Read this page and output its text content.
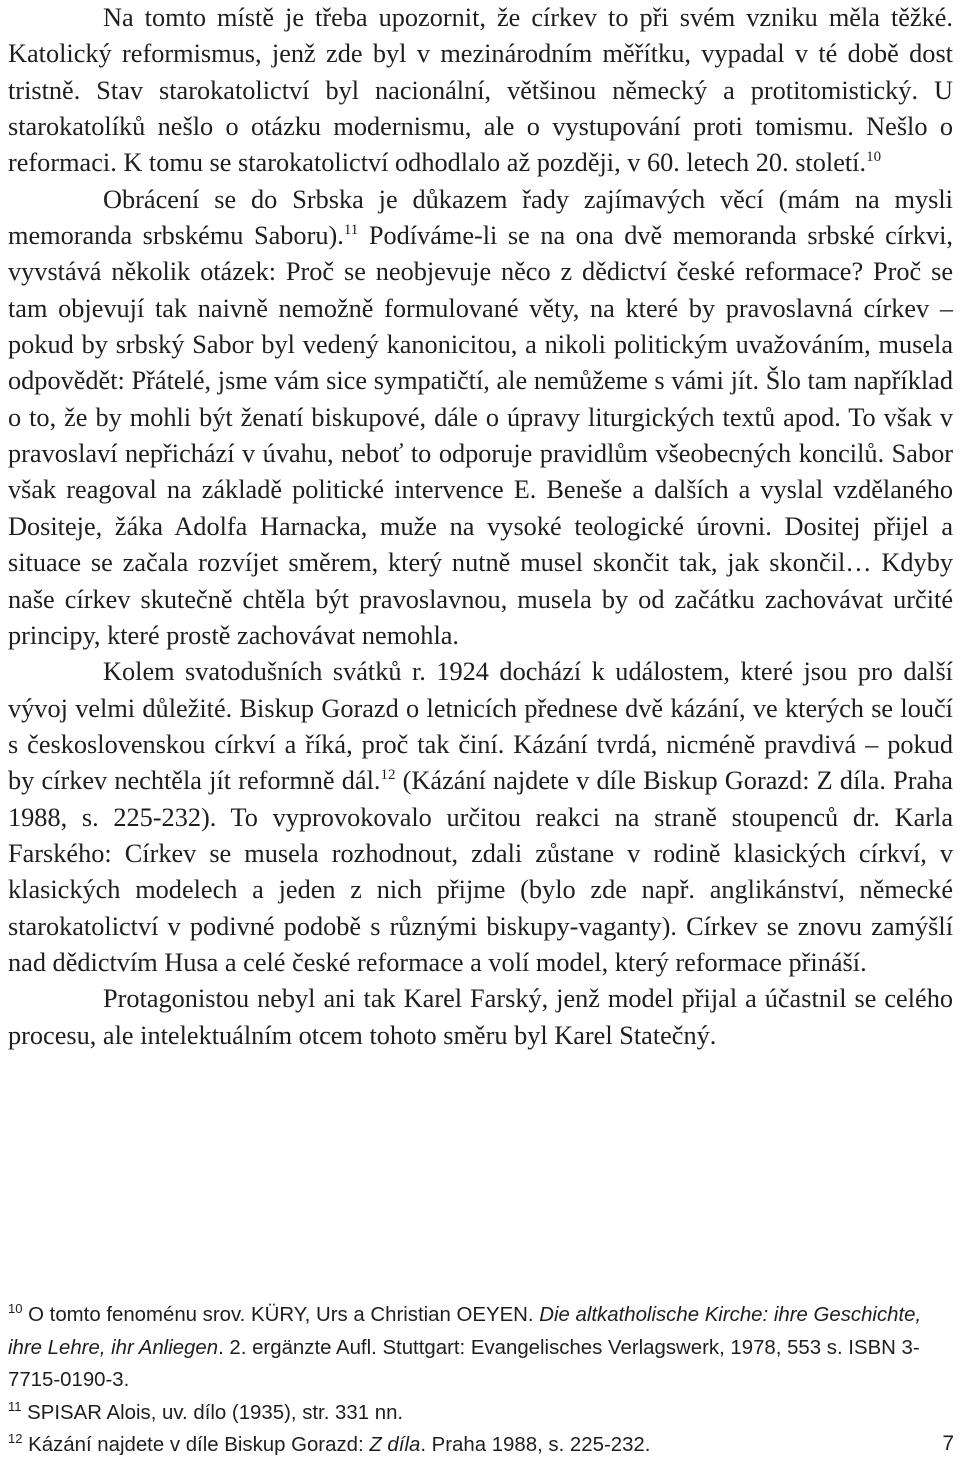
Na tomto místě je třeba upozornit, že církev to při svém vzniku měla těžké. Katolický reformismus, jenž zde byl v mezinárodním měřítku, vypadal v té době dost tristně. Stav starokatolictví byl nacionální, většinou německý a protitomistický. U starokatolíků nešlo o otázku modernismu, ale o vystupování proti tomismu. Nešlo o reformaci. K tomu se starokatolictví odhodlalo až později, v 60. letech 20. století.$^{10}$

Obrácení se do Srbska je důkazem řady zajímavých věcí (mám na mysli memoranda srbskému Saboru).$^{11}$ Podíváme-li se na ona dvě memoranda srbské církvi, vyvstává několik otázek: Proč se neobjevuje něco z dědictví české reformace? Proč se tam objevují tak naivně nemožně formulované věty, na které by pravoslavná církev – pokud by srbský Sabor byl vedený kanonicitou, a nikoli politickým uvažováním, musela odpovědět: Přátelé, jsme vám sice sympatičtí, ale nemůžeme s vámi jít. Šlo tam například o to, že by mohli být ženatí biskupové, dále o úpravy liturgických textů apod. To však v pravoslaví nepřichází v úvahu, neboť to odporuje pravidlům všeobecných koncilů. Sabor však reagoval na základě politické intervence E. Beneše a dalších a vyslal vzdělaného Dositeje, žáka Adolfa Harnacka, muže na vysoké teologické úrovni. Dositej přijel a situace se začala rozvíjet směrem, který nutně musel skončit tak, jak skončil… Kdyby naše církev skutečně chtěla být pravoslavnou, musela by od začátku zachovávat určité principy, které prostě zachovávat nemohla.

Kolem svatodušních svátků r. 1924 dochází k událostem, které jsou pro další vývoj velmi důležité. Biskup Gorazd o letnicích přednese dvě kázání, ve kterých se loučí s československou církví a říká, proč tak činí. Kázání tvrdá, nicméně pravdivá – pokud by církev nechtěla jít reformně dál.$^{12}$ (Kázání najdete v díle Biskup Gorazd: Z díla. Praha 1988, s. 225-232). To vyprovokovalo určitou reakci na straně stoupenců dr. Karla Farského: Církev se musela rozhodnout, zdali zůstane v rodině klasických církví, v klasických modelech a jeden z nich přijme (bylo zde např. anglikánství, německé starokatolictví v podivné podobě s různými biskupy-vaganty). Církev se znovu zamýšlí nad dědictvím Husa a celé české reformace a volí model, který reformace přináší.

Protagonistou nebyl ani tak Karel Farský, jenž model přijal a účastnil se celého procesu, ale intelektuálním otcem tohoto směru byl Karel Statečný.

$^{10}$ O tomto fenoménu srov. KÜRY, Urs a Christian OEYEN. Die altkatholische Kirche: ihre Geschichte, ihre Lehre, ihr Anliegen. 2. ergänzte Aufl. Stuttgart: Evangelisches Verlagswerk, 1978, 553 s. ISBN 3-7715-0190-3.

$^{11}$ SPISAR Alois, uv. dílo (1935), str. 331 nn.

$^{12}$ Kázání najdete v díle Biskup Gorazd: Z díla. Praha 1988, s. 225-232.	7
